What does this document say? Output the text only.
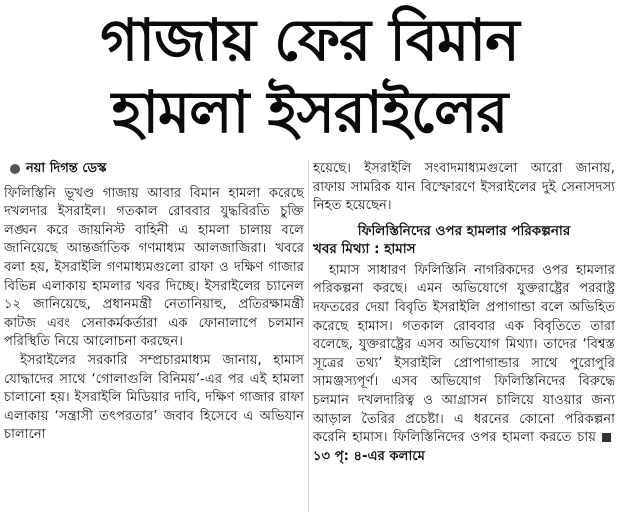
গাজায় ফের বিমান
হামলা ইসরাইলের
নয়া দিগন্ত ডেস্ক

ফিলিস্তিনি ভূখণ্ড গাজায় আবার বিমান হামলা করেছে দখলদার ইসরাইল। গতকাল রোববার যুদ্ধবিরতি চুক্তি লঙ্ঘন করে জায়নিস্ট বাহিনী এ হামলা চালায় বলে জানিয়েছে আন্তর্জাতিক গণমাধ্যম আলজাজিরা। খবরে বলা হয়, ইসরাইলি গণমাধ্যমগুলো রাফা ও দক্ষিণ গাজার বিভিন্ন এলাকায় হামলার খবর দিচ্ছে। ইসরাইলের চ্যানেল ১২ জানিয়েছে, প্রধানমন্ত্রী নেতানিয়াহু, প্রতিরক্ষামন্ত্রী কাটজ এবং সেনাকর্মকর্তারা এক ফোনালাপে চলমান পরিস্থিতি নিয়ে আলোচনা করছেন।

ইসরাইলের সরকারি সম্প্রচারমাধ্যম জানায়, হামাস যোদ্ধাদের সাথে ‘গোলাগুলি বিনিময়’-এর পর এই হামলা চালানো হয়। ইসরাইলি মিডিয়ার দাবি, দক্ষিণ গাজার রাফা এলাকায় ‘সন্ত্রাসী তৎপরতার’ জবাব হিসেবে এ অভিযান চালানো

হয়েছে। ইসরাইলি সংবাদমাধ্যমগুলো আরো জানায়, রাফায় সামরিক যান বিস্ফোরণে ইসরাইলের দুই সেনাসদস্য নিহত হয়েছেন।

ফিলিস্তিনিদের ওপর হামলার পরিকল্পনার
খবর মিথ্যা : হামাস

হামাস সাধারণ ফিলিস্তিনি নাগরিকদের ওপর হামলার পরিকল্পনা করছে। এমন অভিযোগে যুক্তরাষ্ট্রের পররাষ্ট্র দফতরের দেয়া বিবৃতি ইসরাইলি প্রপাগান্ডা বলে অভিহিত করেছে হামাস। গতকাল রোববার এক বিবৃতিতে তারা বলেছে, যুক্তরাষ্ট্রের এসব অভিযোগ মিথ্যা। তাদের ‘বিশ্বস্ত সূত্রের তথ্য’ ইসরাইলি প্রোপাগান্ডার সাথে পুরোপুরি সামঞ্জস্যপূর্ণ। এসব অভিযোগ ফিলিস্তিনিদের বিরুদ্ধে চলমান দখলদারিত্ব ও আগ্রাসন চালিয়ে যাওয়ার জন্য আড়াল তৈরির প্রচেষ্টা। এ ধরনের কোনো পরিকল্পনা করেনি হামাস। ফিলিস্তিনিদের ওপর হামলা করতে চায়১৩ পৃ: ৪-এর কলামে
